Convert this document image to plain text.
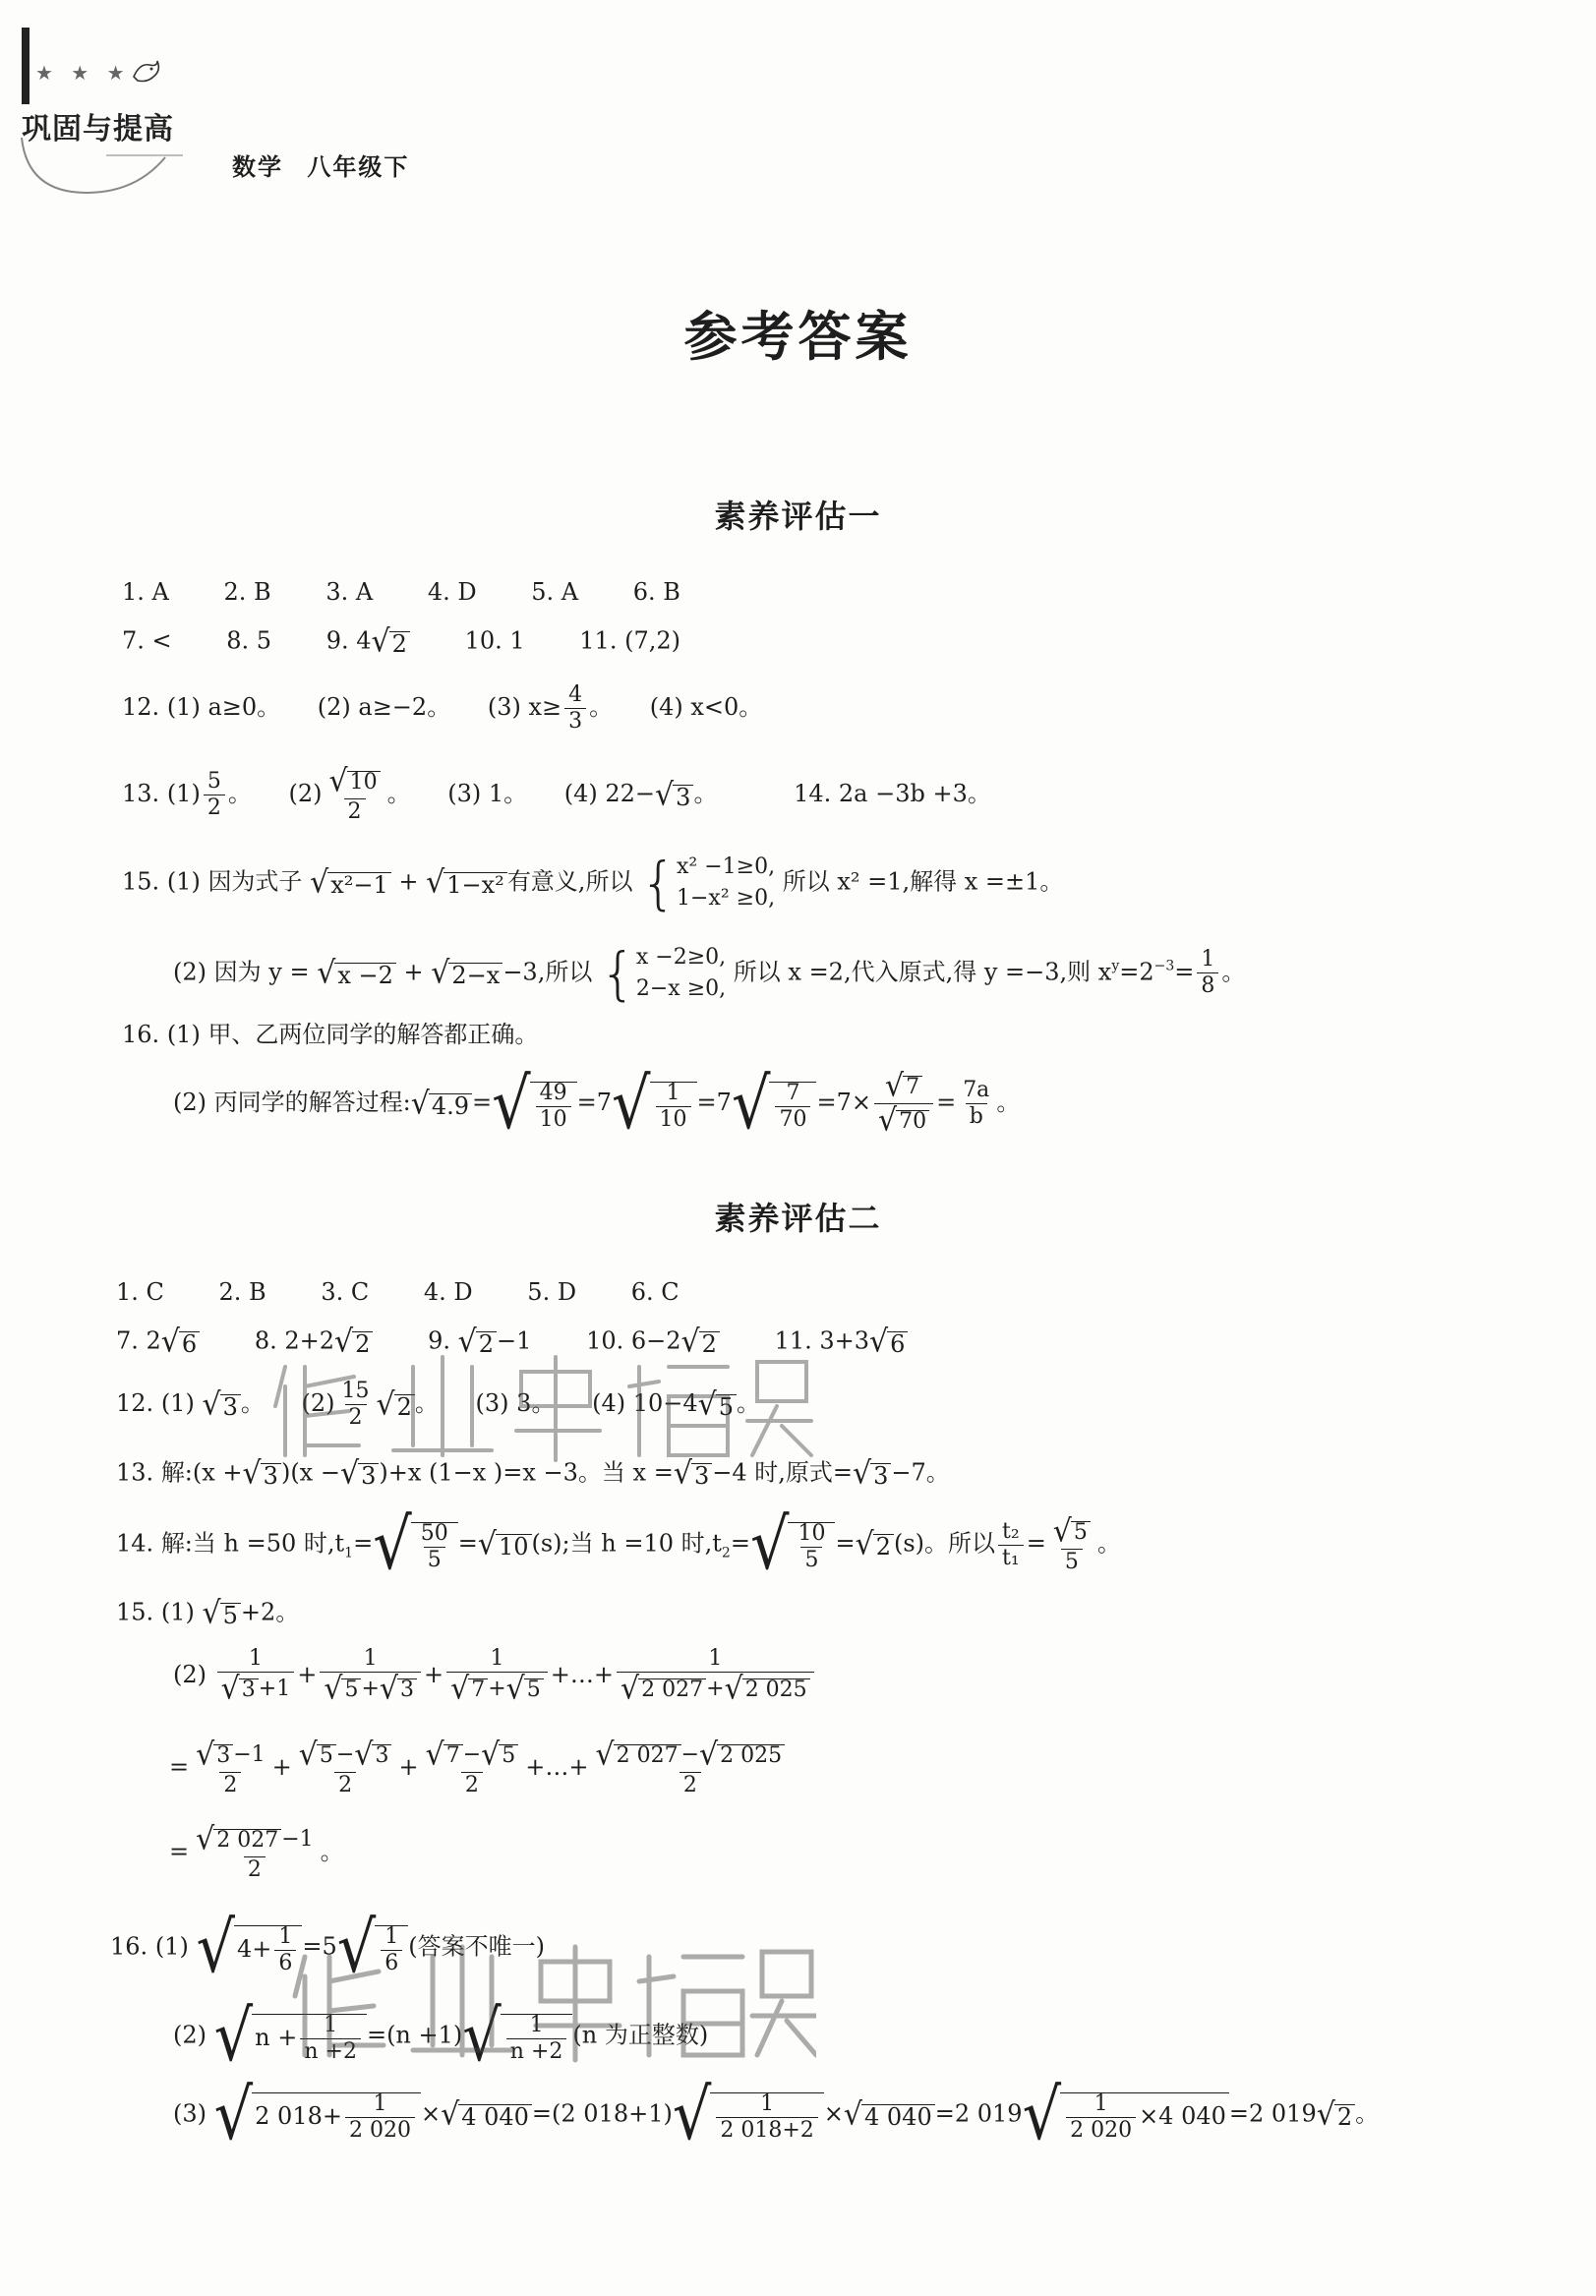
★ ★ ★
巩固与提高
数学 八年级下
参考答案
素养评估一
1. A 2. B 3. A 4. D 5. A 6. B
7. < 8. 5 9. 4 √ 2 10. 1 11. (7,2)
12. (1) a≥0。 (2) a≥−2。 (3) $x\ge \frac{4}{3}$ 。 (4) x<0。
13. $(1) \frac{5}{2}$ 。 $(2) \frac{√ 10}{2}$ 。 (3) 1。 (4) 22− √ 3 。	14. 2a −3b +3。
15. (1) 因为式子 √ x²−1 + √ 1−x² 有意义,所以 { x² −1≥0,
1−x² ≥0,
所以 x² =1,解得 x =±1。
(2) 因为 y = √ x −2 + √ 2−x −3,所以 { x −2≥0,
2−x ≥0,
所以 x =2,代入原式,得 y =−3,则 $x^y=2^{-3}= \frac{1}{8}$ 。
16. (1) 甲、乙两位同学的解答都正确。
(2) 丙同学的解答过程: √ 4.9 = √ $\frac{49}{10} =7$ √ $\frac{1}{10} =7$ √ $\frac{7}{70} =7\times \frac{√ 7}{√ 70} = \frac{7a}{b}$ 。
素养评估二
1. C 2. B 3. C 4. D 5. D 6. C
7. 2 √ 6 8. 2+2 √ 2 9. √ 2 −1 10. 6−2 √ 2 11. 3+3 √ 6
12. (1) √ 3 。 $(2) \frac{15}{2}$ √ 2 。 (3) 3。 (4) 10−4 √ 5 。
13. 解:(x + √ 3 )(x − √ 3 )+x (1−x )=x −3。当 x = √ 3 −4 时,原式= √ 3 −7。
14. 解:当 h =50 时$,t_1=$ √ $\frac{50}{5}$ = √ 10 (s);当 h =10 时$,t_2=$ √ $\frac{10}{5}$ = √ 2 (s)。所以 $\frac{\text{t₂}}{\text{t₁}} = \frac{√ 5}{5}$ 。
15. (1) √ 5 +2。
$(2) \frac{1}{√ 3 +1} + \frac{1}{√ 5 + √ 3} + \frac{1}{√ 7 + √ 5}$ +…+ $\frac{1}{√ 2 027 + √ 2 025}$
= $\frac{√ 3 -1}{2} + \frac{√ 5 - √ 3}{2} + \frac{√ 7 - √ 5}{2}$ +…+ $\frac{√ 2 027 - √ 2 025}{2}$
= $\frac{√ 2 027 -1}{2}$ 。
16. (1) √ $4+ \frac{1}{6} =5$ √ $\frac{1}{6}$ (答案不唯一)
(2) √ $n + \frac{1}{n +2} =(n +1)$ √ $\frac{1}{n +2} (n$ 为正整数)
(3) √ 2 $018+ \frac{1}{2 020}$ × √ 4 040 =(2 018+1) √ $\frac{1}{2 018+2}$ × √ 4 040 =2 019 √ $\frac{1}{2 020} \times 4$ 040 =2 019 √ 2 。
